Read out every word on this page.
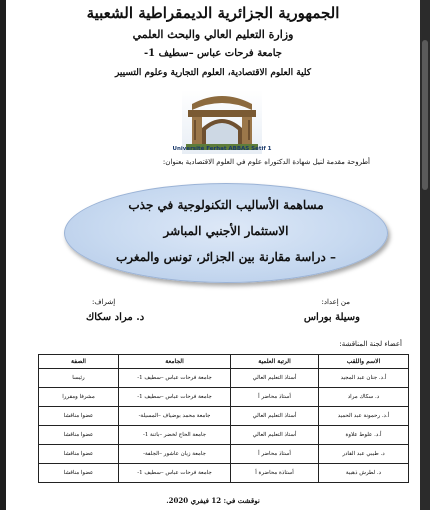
الجمهورية الجزائرية الديمقراطية الشعبية
وزارة التعليم العالي والبحث العلمي
جامعة فرحات عباس –سطيف 1-
كلية العلوم الاقتصادية، العلوم التجارية وعلوم التسيير
Université Ferhat ABBAS Sétif 1
أطروحة مقدمة لنيل شهادة الدكتوراه علوم في العلوم الاقتصادية بعنوان:
مساهمة الأساليب التكنولوجية في جذب
الاستثمار الأجنبي المباشر
– دراسة مقارنة بين الجزائر، تونس والمغرب
من إعداد:
إشراف:
وسيلة بوراس
د. مراد سكاك
أعضاء لجنة المناقشة:
الاسم واللقب	الرتبة العلمية	الجامعة	الصفة
أ.د. جنان عبد المجيد	أستاذ التعليم العالي	جامعة فرحات عباس –سطيف 1-	رئيسا
د. سكاك مراد	أستاذ محاضر أ	جامعة فرحات عباس –سطيف 1-	مشرفا ومقررا
أ.د. رحمونة عبد الحميد	أستاذ التعليم العالي	جامعة محمد بوضياف –المسيلة-	عضوا مناقشا
أ.د. علوط علاوة	أستاذ التعليم العالي	جامعة الحاج لخضر –باتنة 1-	عضوا مناقشا
د. طيبي عبد القادر	أستاذ محاضر أ	جامعة زيان عاشور –الجلفة-	عضوا مناقشا
د. لطرش ذهبية	أستاذة محاضرة أ	جامعة فرحات عباس –سطيف 1-	عضوا مناقشا
نوقشت في: 12 فيفري 2020.
